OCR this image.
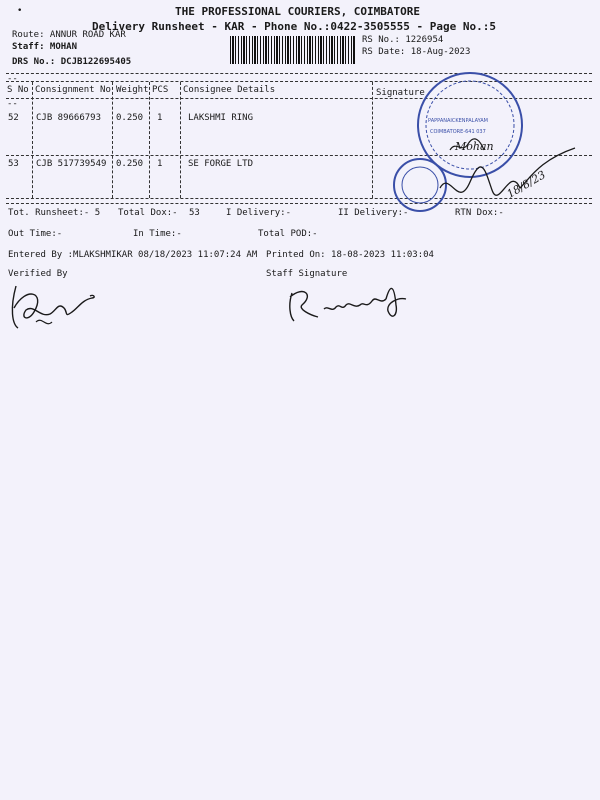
•	THE PROFESSIONAL COURIERS, COIMBATORE
Delivery Runsheet - KAR - Phone No.:0422-3505555 - Page No.:5
Route: ANNUR ROAD KAR
Staff: MOHAN
DRS No.: DCJB122695405
RS No.: 1226954
RS Date: 18-Aug-2023
--
S No Consignment No Weight PCS Consignee Details	Signature
--
52 CJB 89666793 0.250 1	LAKSHMI RING
53 CJB 517739549 0.250 1	SE FORGE LTD
PAPPANAICKENPALAYAM
COIMBATORE-641 037
Mohan
18/8/23
Tot. Runsheet:- 5 Total Dox:- 53	I Delivery:-	II Delivery:-	RTN Dox:-
Out Time:-	In Time:-	Total POD:-
Entered By :MLAKSHMIKAR 08/18/2023 11:07:24 AM Printed On: 18-08-2023 11:03:04
Verified By	Staff Signature
